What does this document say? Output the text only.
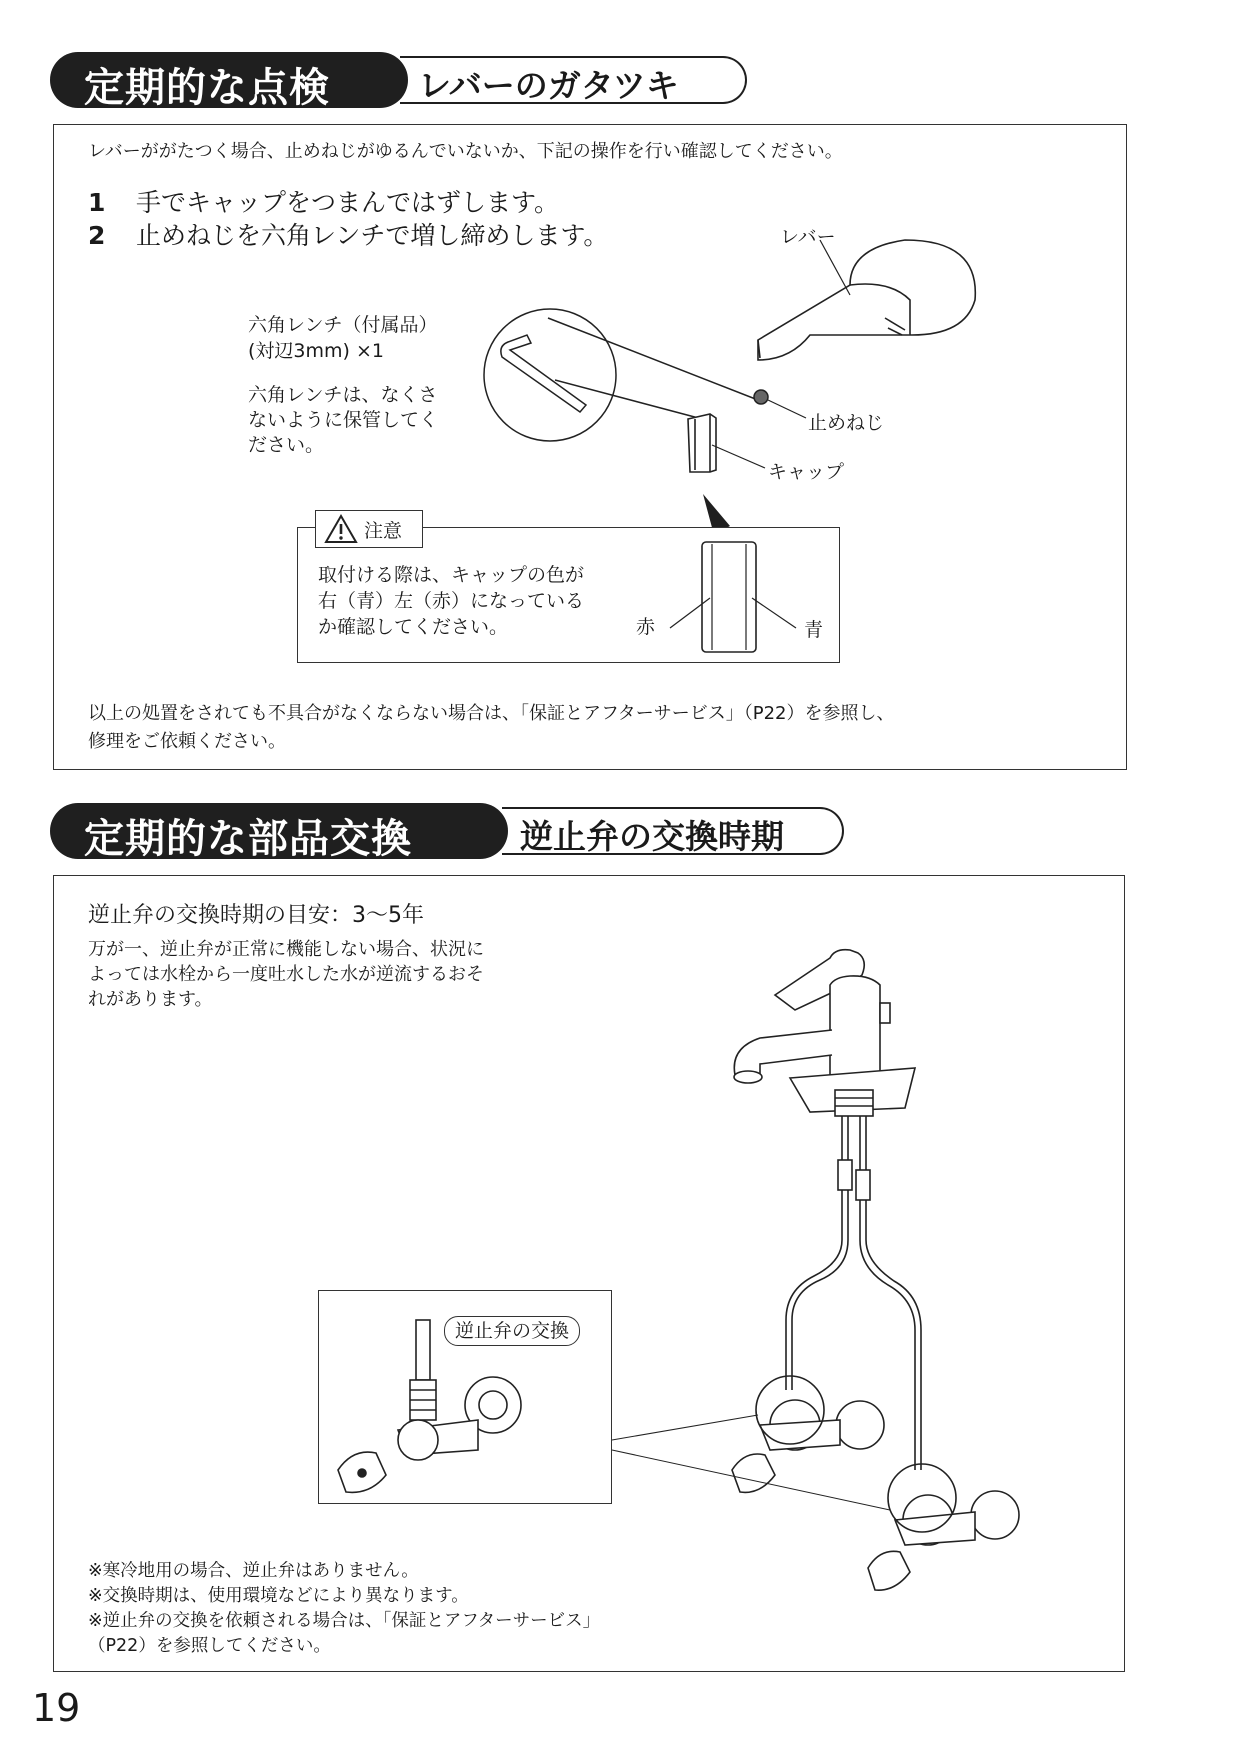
レバーのガタツキ
定期的な点検
レバーががたつく場合、止めねじがゆるんでいないか、下記の操作を行い確認してください。
1 手でキャップをつまんではずします。
2 止めねじを六角レンチで増し締めします。
六角レンチ（付属品）
(対辺3mm) ×1
六角レンチは、なくさ
ないように保管してく
ださい。
レバー
止めねじ
キャップ
注意
取付ける際は、キャップの色が
右（青）左（赤）になっている
か確認してください。	赤	青
以上の処置をされても不具合がなくならない場合は、「保証とアフターサービス」（P22）を参照し、
修理をご依頼ください。
逆止弁の交換時期
定期的な部品交換
逆止弁の交換時期の目安：3～5年
万が一、逆止弁が正常に機能しない場合、状況に
よっては水栓から一度吐水した水が逆流するおそ
れがあります。
逆止弁の交換
※寒冷地用の場合、逆止弁はありません。
※交換時期は、使用環境などにより異なります。
※逆止弁の交換を依頼される場合は、「保証とアフターサービス」
（P22）を参照してください。
19
